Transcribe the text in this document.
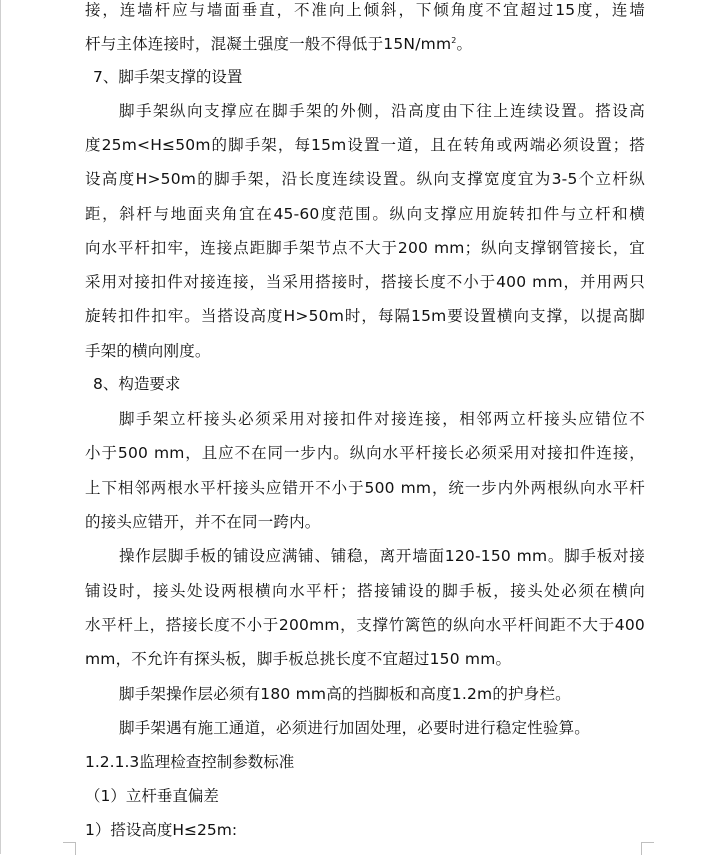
接，连墙杆应与墙面垂直，不准向上倾斜，下倾角度不宜超过15度，连墙
杆与主体连接时，混凝土强度一般不得低于$15N/mm^2$。
7、脚手架支撑的设置
脚手架纵向支撑应在脚手架的外侧，沿高度由下往上连续设置。搭设高
度25m<H≤50m的脚手架，每15m设置一道，且在转角或两端必须设置；搭
设高度H>50m的脚手架，沿长度连续设置。纵向支撑宽度宜为3-5个立杆纵
距，斜杆与地面夹角宜在45-60度范围。纵向支撑应用旋转扣件与立杆和横
向水平杆扣牢，连接点距脚手架节点不大于200 mm；纵向支撑钢管接长，宜
采用对接扣件对接连接，当采用搭接时，搭接长度不小于400 mm，并用两只
旋转扣件扣牢。当搭设高度H>50m时，每隔15m要设置横向支撑，以提高脚
手架的横向刚度。
8、构造要求
脚手架立杆接头必须采用对接扣件对接连接，相邻两立杆接头应错位不
小于500 mm，且应不在同一步内。纵向水平杆接长必须采用对接扣件连接，
上下相邻两根水平杆接头应错开不小于500 mm，统一步内外两根纵向水平杆
的接头应错开，并不在同一跨内。
操作层脚手板的铺设应满铺、铺稳，离开墙面120-150 mm。脚手板对接
铺设时，接头处设两根横向水平杆；搭接铺设的脚手板，接头处必须在横向
水平杆上，搭接长度不小于200mm，支撑竹篱笆的纵向水平杆间距不大于400
mm，不允许有探头板，脚手板总挑长度不宜超过150 mm。
脚手架操作层必须有180 mm高的挡脚板和高度1.2m的护身栏。
脚手架遇有施工通道，必须进行加固处理，必要时进行稳定性验算。
1.2.1.3监理检查控制参数标准
（1）立杆垂直偏差
1）搭设高度H≤25m:
